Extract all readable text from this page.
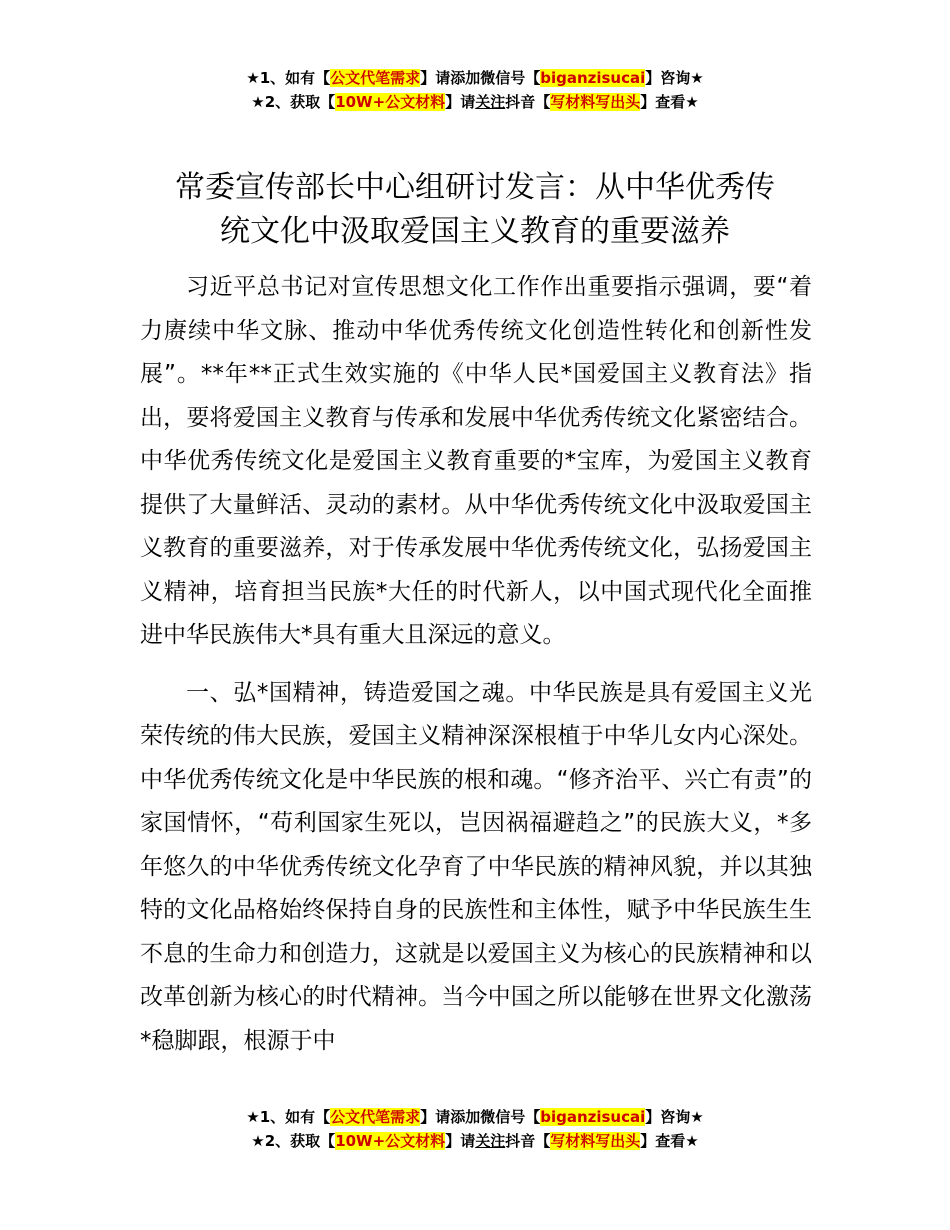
★1、如有【公文代笔需求】请添加微信号【biganzisucai】咨询★
★2、获取【10W+公文材料】请关注抖音【写材料写出头】查看★
常委宣传部长中心组研讨发言：从中华优秀传
统文化中汲取爱国主义教育的重要滋养

习近平总书记对宣传思想文化工作作出重要指示强调，要“着力赓续中华文脉、推动中华优秀传统文化创造性转化和创新性发展”。**年**正式生效实施的《中华人民*国爱国主义教育法》指出，要将爱国主义教育与传承和发展中华优秀传统文化紧密结合。中华优秀传统文化是爱国主义教育重要的*宝库，为爱国主义教育提供了大量鲜活、灵动的素材。从中华优秀传统文化中汲取爱国主义教育的重要滋养，对于传承发展中华优秀传统文化，弘扬爱国主义精神，培育担当民族*大任的时代新人，以中国式现代化全面推进中华民族伟大*具有重大且深远的意义。

一、弘*国精神，铸造爱国之魂。中华民族是具有爱国主义光荣传统的伟大民族，爱国主义精神深深根植于中华儿女内心深处。中华优秀传统文化是中华民族的根和魂。“修齐治平、兴亡有责”的家国情怀，“苟利国家生死以，岂因祸福避趋之”的民族大义，*多年悠久的中华优秀传统文化孕育了中华民族的精神风貌，并以其独特的文化品格始终保持自身的民族性和主体性，赋予中华民族生生不息的生命力和创造力，这就是以爱国主义为核心的民族精神和以改革创新为核心的时代精神。当今中国之所以能够在世界文化激荡*稳脚跟，根源于中

★1、如有【公文代笔需求】请添加微信号【biganzisucai】咨询★
★2、获取【10W+公文材料】请关注抖音【写材料写出头】查看★
